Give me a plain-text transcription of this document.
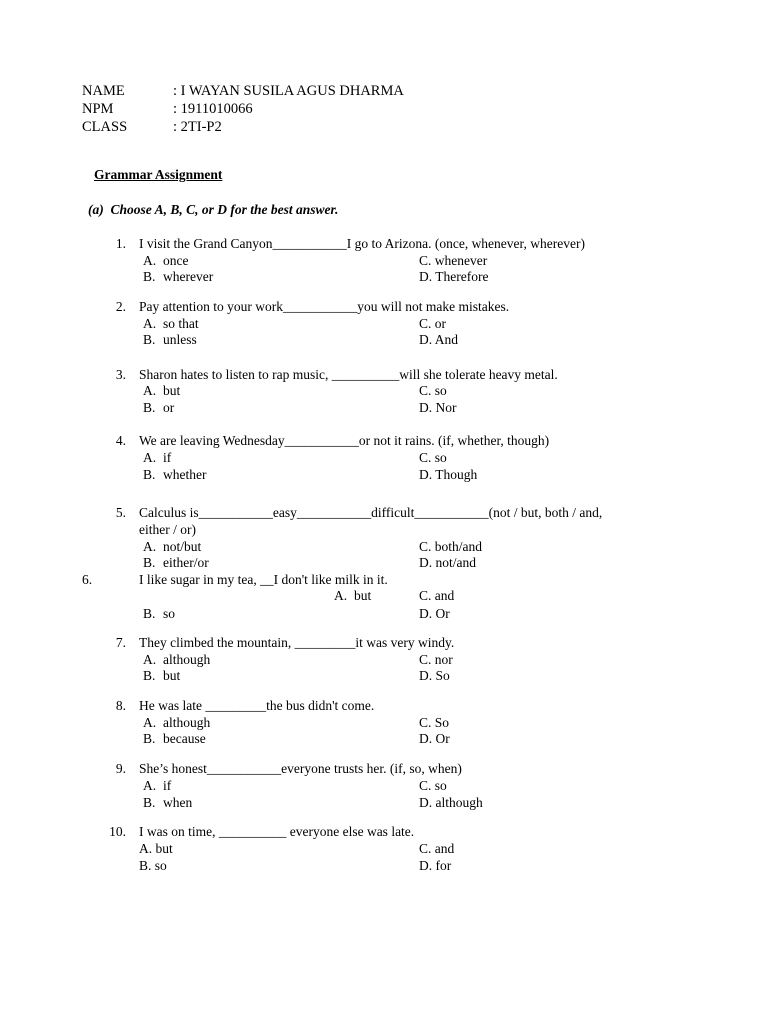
NAME	: I WAYAN SUSILA AGUS DHARMA
NPM	: 1911010066
CLASS	: 2TI-P2
Grammar Assignment
(a) Choose A, B, C, or D for the best answer.
1. I visit the Grand Canyon___________I go to Arizona. (once, whenever, wherever)
A. once	C. whenever
B. wherever	D. Therefore
2. Pay attention to your work___________you will not make mistakes.
A. so that	C. or
B. unless	D. And
3. Sharon hates to listen to rap music, __________will she tolerate heavy metal.
A. but	C. so
B. or	D. Nor
4. We are leaving Wednesday___________or not it rains. (if, whether, though)
A. if	C. so
B. whether	D. Though
5. Calculus is___________easy___________difficult___________(not / but, both / and,
either / or)
A. not/but	C. both/and
B. either/or	D. not/and
6.	I like sugar in my tea, __I don't like milk in it.
A. but	C. and
B. so	D. Or
7. They climbed the mountain, _________it was very windy.
A. although	C. nor
B. but	D. So
8. He was late _________the bus didn't come.
A. although	C. So
B. because	D. Or
9. She’s honest___________everyone trusts her. (if, so, when)
A. if	C. so
B. when	D. although
10. I was on time, __________ everyone else was late.
A. but	C. and
B. so	D. for
